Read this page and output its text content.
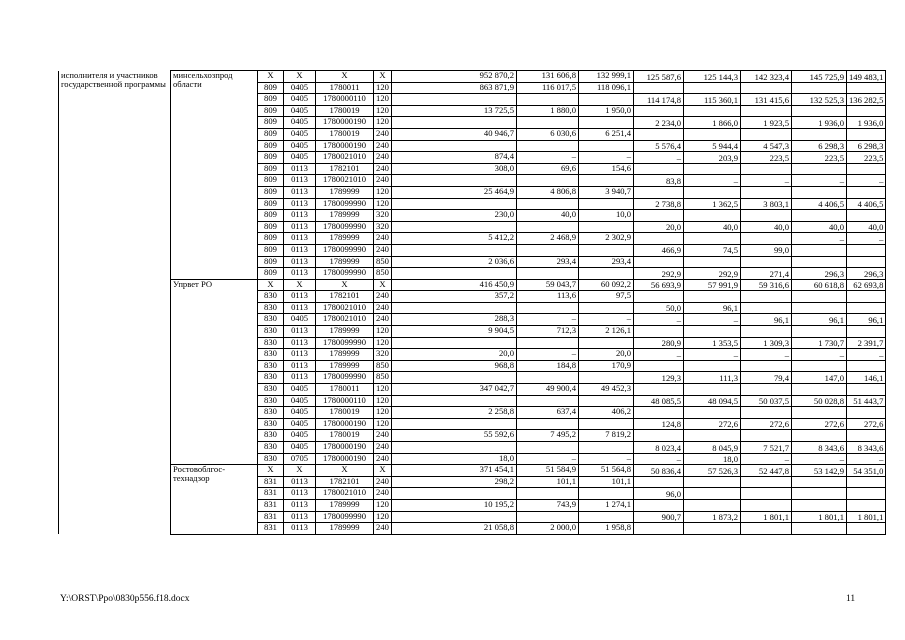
исполнителя и участников государственной программы	минсельхозпрод области	X	X	X	X	952 870,2	131 606,8	132 999,1	125 587,6	125 144,3	142 323,4	145 725,9	149 483,1
		809	0405	1780011	120	863 871,9	116 017,5	118 096,1					
		809	0405	1780000110	120				114 174,8	115 360,1	131 415,6	132 525,3	136 282,5
		809	0405	1780019	120	13 725,5	1 880,0	1 950,0					
		809	0405	1780000190	120				2 234,0	1 866,0	1 923,5	1 936,0	1 936,0
		809	0405	1780019	240	40 946,7	6 030,6	6 251,4					
		809	0405	1780000190	240				5 576,4	5 944,4	4 547,3	6 298,3	6 298,3
		809	0405	1780021010	240	874,4	–	–	–	203,9	223,5	223,5	223,5
		809	0113	1782101	240	308,0	69,6	154,6					
		809	0113	1780021010	240				83,8	–	–	–	–
		809	0113	1789999	120	25 464,9	4 806,8	3 940,7					
		809	0113	1780099990	120				2 738,8	1 362,5	3 803,1	4 406,5	4 406,5
		809	0113	1789999	320	230,0	40,0	10,0					
		809	0113	1780099990	320				20,0	40,0	40,0	40,0	40,0
		809	0113	1789999	240	5 412,2	2 468,9	2 302,9				–	–
		809	0113	1780099990	240				466,9	74,5	99,0		
		809	0113	1789999	850	2 036,6	293,4	293,4					
		809	0113	1780099990	850				292,9	292,9	271,4	296,3	296,3
	Упрвет РО	X	X	X	X	416 450,9	59 043,7	60 092,2	56 693,9	57 991,9	59 316,6	60 618,8	62 693,8
		830	0113	1782101	240	357,2	113,6	97,5					
		830	0113	1780021010	240				50,0	96,1			
		830	0405	1780021010	240	288,3	–	–	–	–	96,1	96,1	96,1
		830	0113	1789999	120	9 904,5	712,3	2 126,1					
		830	0113	1780099990	120				280,9	1 353,5	1 309,3	1 730,7	2 391,7
		830	0113	1789999	320	20,0	–	20,0	–	–	–	–	–
		830	0113	1789999	850	968,8	184,8	170,9					
		830	0113	1780099990	850				129,3	111,3	79,4	147,0	146,1
		830	0405	1780011	120	347 042,7	49 900,4	49 452,3					
		830	0405	1780000110	120				48 085,5	48 094,5	50 037,5	50 028,8	51 443,7
		830	0405	1780019	120	2 258,8	637,4	406,2					
		830	0405	1780000190	120				124,8	272,6	272,6	272,6	272,6
		830	0405	1780019	240	55 592,6	7 495,2	7 819,2					
		830	0405	1780000190	240				8 023,4	8 045,9	7 521,7	8 343,6	8 343,6
		830	0705	1780000190	240	18,0	–	–	–	18,0	–	–	–
	Ростовоблгос-технадзор	X	X	X	X	371 454,1	51 584,9	51 564,8	50 836,4	57 526,3	52 447,8	53 142,9	54 351,0
		831	0113	1782101	240	298,2	101,1	101,1					
		831	0113	1780021010	240				96,0				
		831	0113	1789999	120	10 195,2	743,9	1 274,1					
		831	0113	1780099990	120				900,7	1 873,2	1 801,1	1 801,1	1 801,1
		831	0113	1789999	240	21 058,8	2 000,0	1 958,8					
Y:\ORST\Ppo\0830p556.f18.docx	11
